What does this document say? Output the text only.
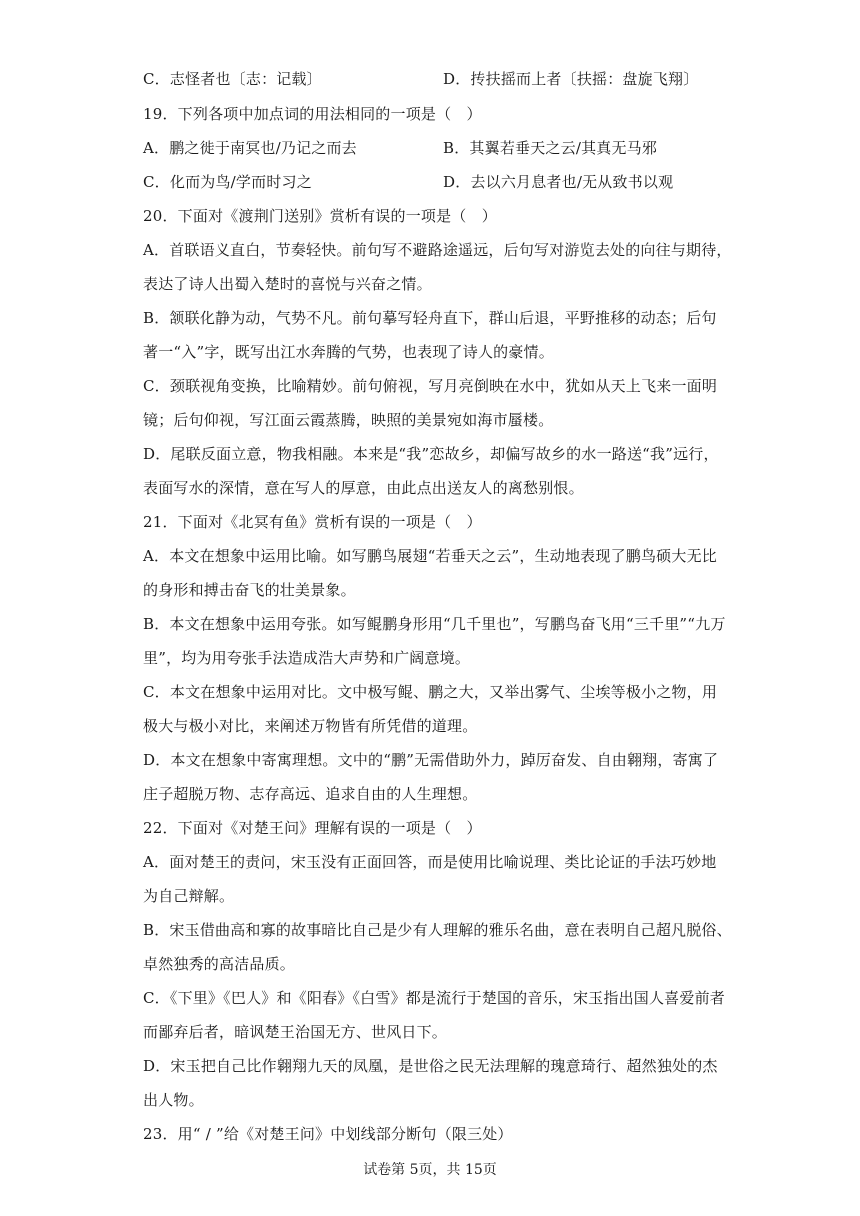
C．志怪者也〔志：记载〕	D．抟扶摇而上者〔扶摇：盘旋飞翔〕
19．下列各项中加点词的用法相同的一项是（　）
A．鹏之徙于南冥也/乃记之而去	B．其翼若垂天之云/其真无马邪
C．化而为鸟/学而时习之	D．去以六月息者也/无从致书以观
20．下面对《渡荆门送别》赏析有误的一项是（　）
A．首联语义直白，节奏轻快。前句写不避路途遥远，后句写对游览去处的向往与期待，
表达了诗人出蜀入楚时的喜悦与兴奋之情。
B．颔联化静为动，气势不凡。前句摹写轻舟直下，群山后退，平野推移的动态；后句
著一“入”字，既写出江水奔腾的气势，也表现了诗人的豪情。
C．颈联视角变换，比喻精妙。前句俯视，写月亮倒映在水中，犹如从天上飞来一面明
镜；后句仰视，写江面云霞蒸腾，映照的美景宛如海市蜃楼。
D．尾联反面立意，物我相融。本来是“我”恋故乡，却偏写故乡的水一路送“我”远行，
表面写水的深情，意在写人的厚意，由此点出送友人的离愁别恨。
21．下面对《北冥有鱼》赏析有误的一项是（　）
A．本文在想象中运用比喻。如写鹏鸟展翅“若垂天之云”，生动地表现了鹏鸟硕大无比
的身形和搏击奋飞的壮美景象。
B．本文在想象中运用夸张。如写鲲鹏身形用“几千里也”，写鹏鸟奋飞用“三千里”“九万
里”，均为用夸张手法造成浩大声势和广阔意境。
C．本文在想象中运用对比。文中极写鲲、鹏之大，又举出雾气、尘埃等极小之物，用
极大与极小对比，来阐述万物皆有所凭借的道理。
D．本文在想象中寄寓理想。文中的“鹏”无需借助外力，踔厉奋发、自由翱翔，寄寓了
庄子超脱万物、志存高远、追求自由的人生理想。
22．下面对《对楚王问》理解有误的一项是（　）
A．面对楚王的责问，宋玉没有正面回答，而是使用比喻说理、类比论证的手法巧妙地
为自己辩解。
B．宋玉借曲高和寡的故事暗比自己是少有人理解的雅乐名曲，意在表明自己超凡脱俗、
卓然独秀的高洁品质。
C．《下里》《巴人》和《阳春》《白雪》都是流行于楚国的音乐，宋玉指出国人喜爱前者
而鄙弃后者，暗讽楚王治国无方、世风日下。
D．宋玉把自己比作翱翔九天的凤凰，是世俗之民无法理解的瑰意琦行、超然独处的杰
出人物。
23．用“ / ”给《对楚王问》中划线部分断句（限三处）
试卷第 5页，共 15页
